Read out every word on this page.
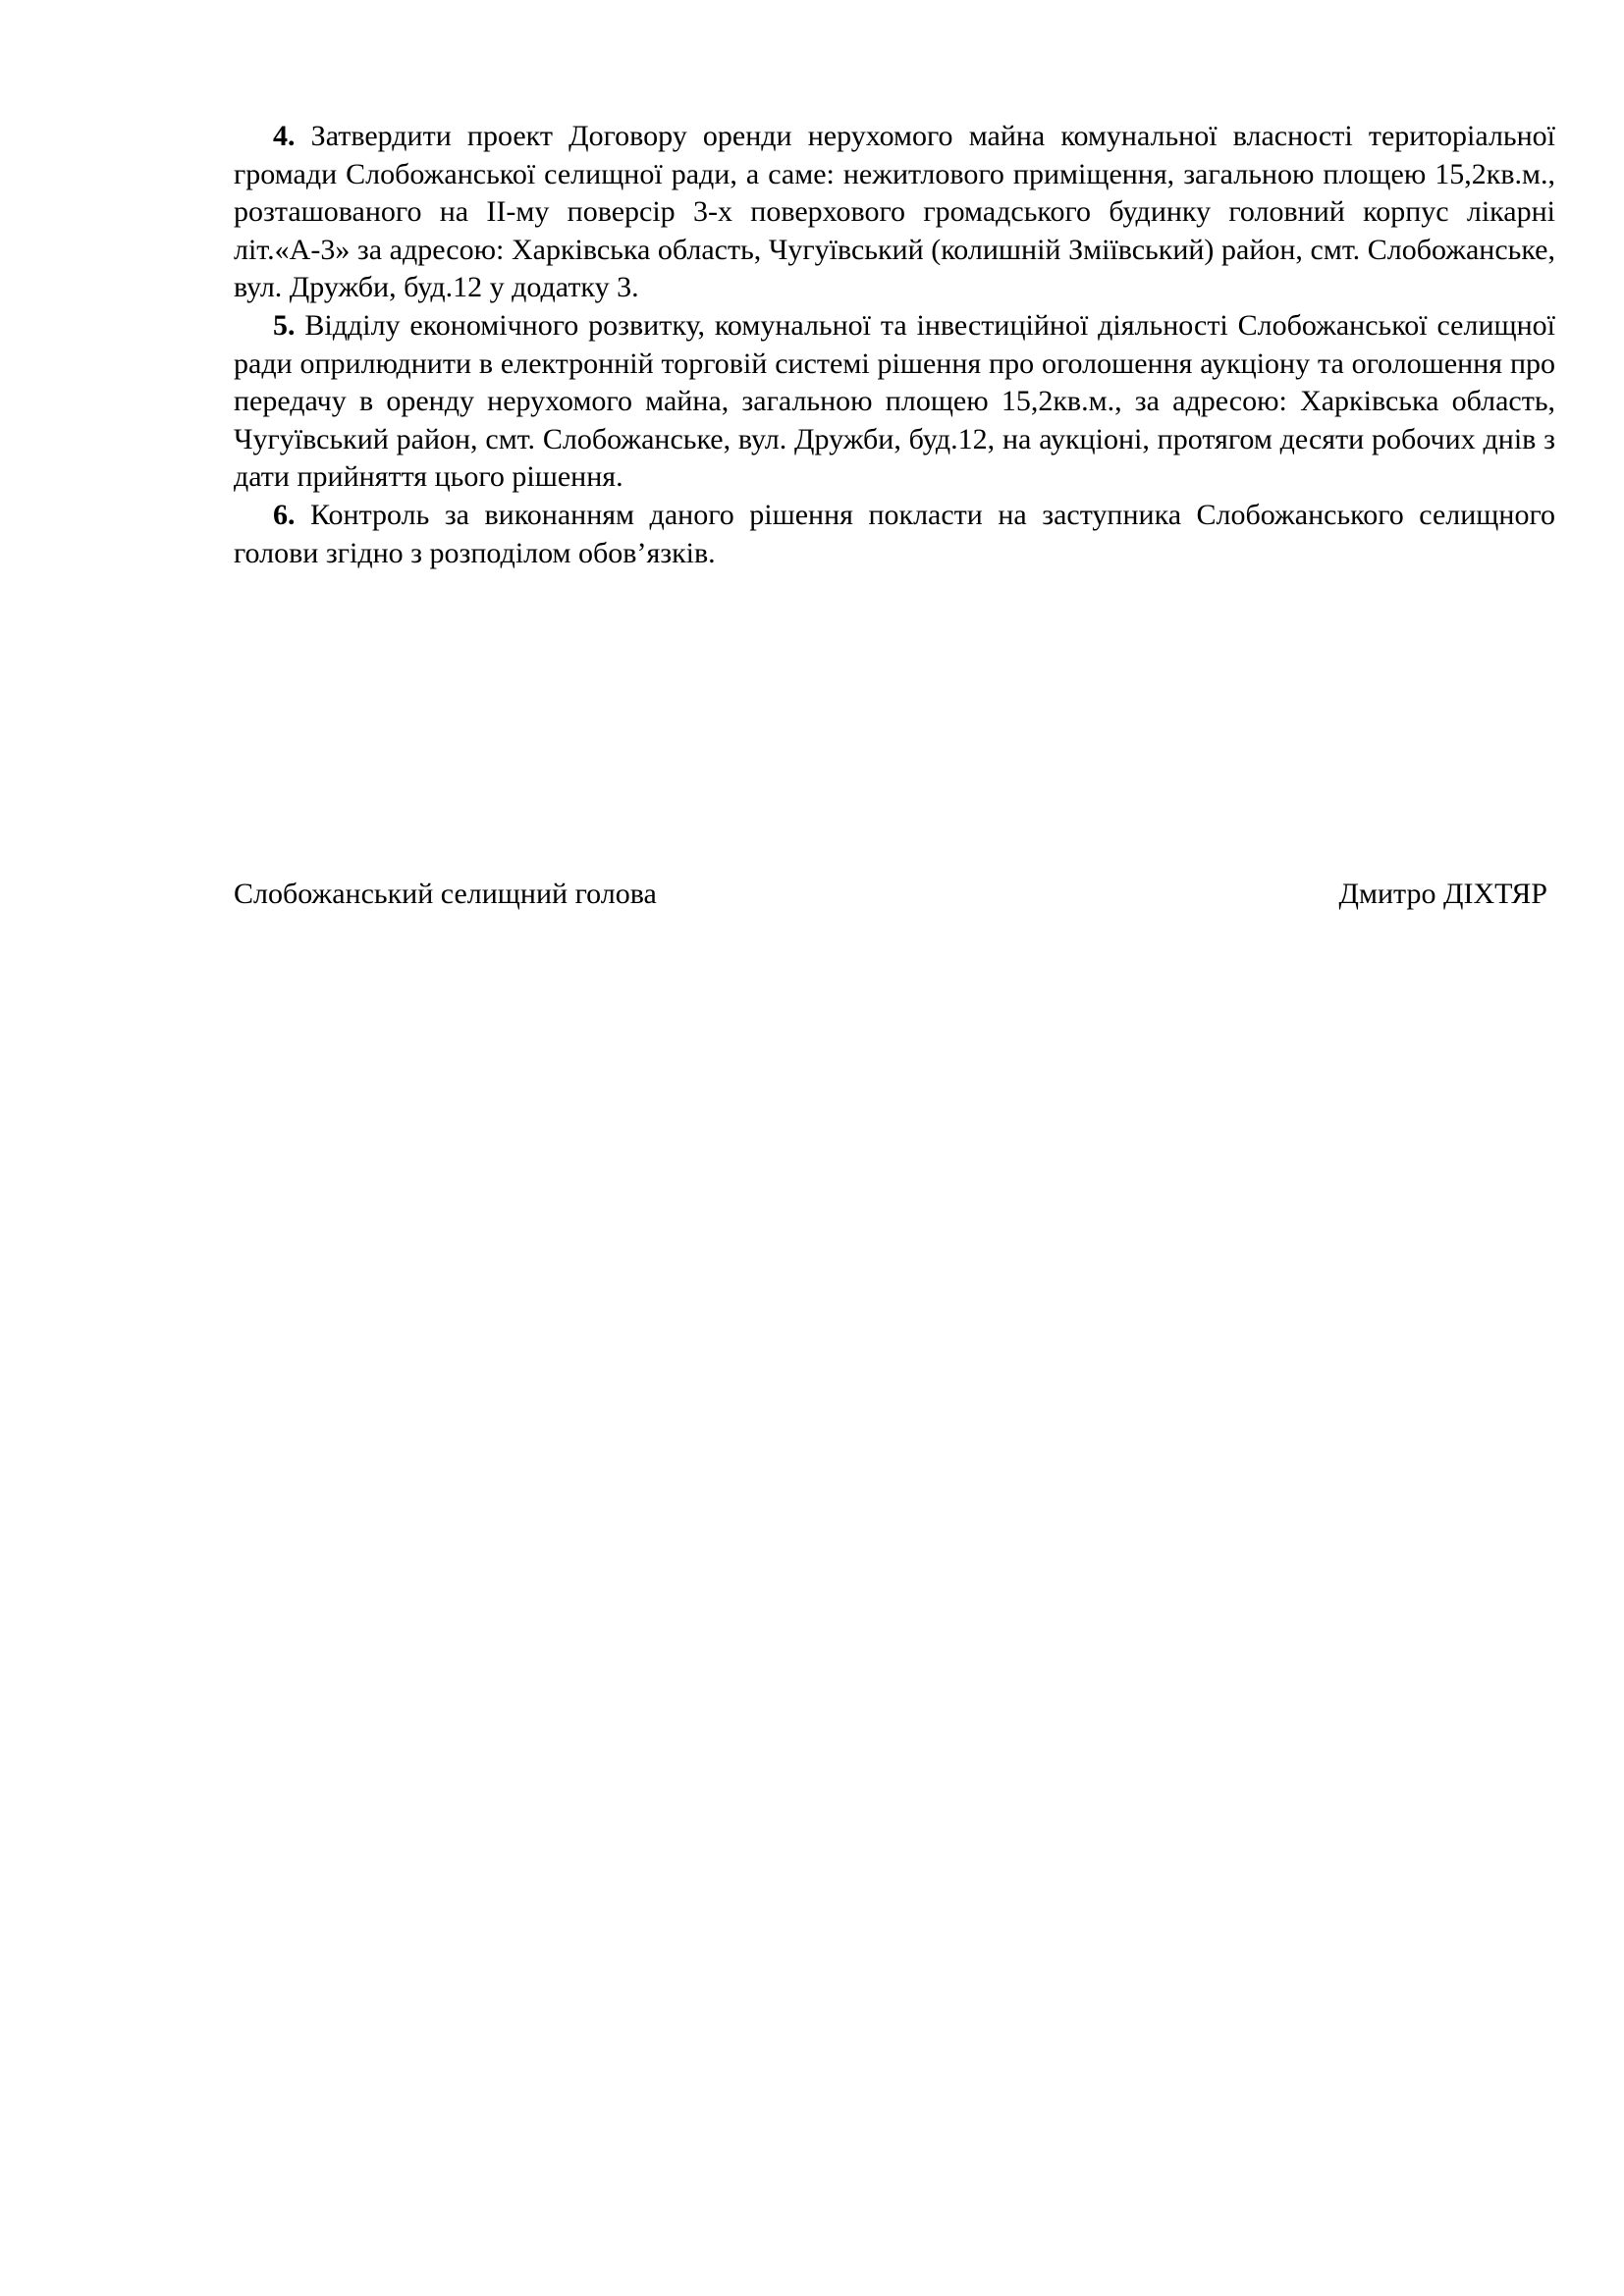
4. Затвердити проект Договору оренди нерухомого майна комунальної власності територіальної громади Слобожанської селищної ради, а саме: нежитлового приміщення, загальною площею 15,2кв.м., розташованого на ІІ-му поверсір 3-х поверхового громадського будинку головний корпус лікарні літ.«А-3» за адресою: Харківська область, Чугуївський (колишній Зміївський) район, смт. Слобожанське, вул. Дружби, буд.12 у додатку 3.

5. Відділу економічного розвитку, комунальної та інвестиційної діяльності Слобожанської селищної ради оприлюднити в електронній торговій системі рішення про оголошення аукціону та оголошення про передачу в оренду нерухомого майна, загальною площею 15,2кв.м., за адресою: Харківська область, Чугуївський район, смт. Слобожанське, вул. Дружби, буд.12, на аукціоні, протягом десяти робочих днів з дати прийняття цього рішення.

6. Контроль за виконанням даного рішення покласти на заступника Слобожанського селищного голови згідно з розподілом обов’язків.

Слобожанський селищний голова	Дмитро ДІХТЯР
